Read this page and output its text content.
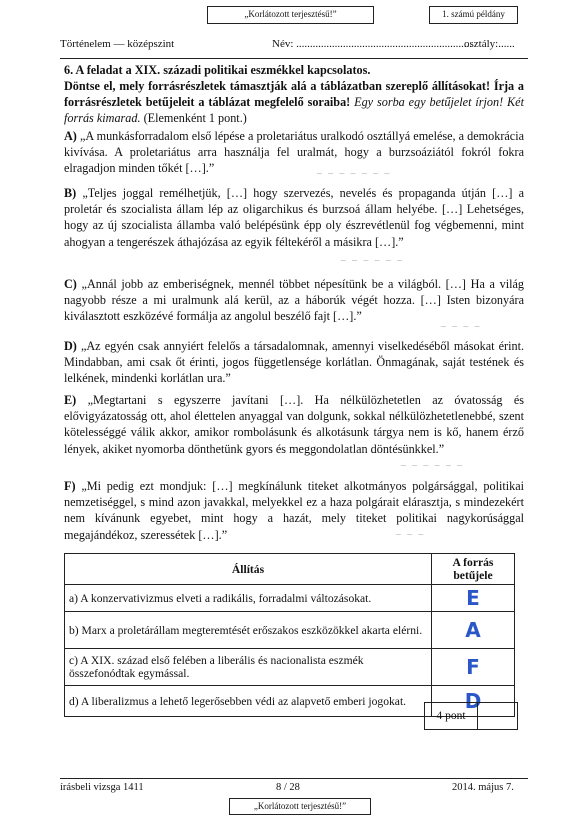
„Korlátozott terjesztésű!”	1. számú példány
Történelem — középszint	Név: ................................................................
osztály:......
6. A feladat a XIX. századi politikai eszmékkel kapcsolatos.
Döntse el, mely forrásrészletek támasztják alá a táblázatban szereplő állításokat! Írja a forrásrészletek betűjeleit a táblázat megfelelő soraiba! Egy sorba egy betűjelet írjon! Két forrás kimarad. (Elemenként 1 pont.)
A) „A munkásforradalom első lépése a proletariátus uralkodó osztállyá emelése, a demokrácia kivívása. A proletariátus arra használja fel uralmát, hogy a burzsoáziától fokról fokra elragadjon minden tőkét […].”	~ ~ ~ ~ ~ ~ ~
B) „Teljes joggal remélhetjük, […] hogy szervezés, nevelés és propaganda útján […] a proletár és szocialista állam lép az oligarchikus és burzsoá állam helyébe. […] Lehetséges, hogy az új szocialista államba való belépésünk épp oly észrevétlenül fog végbemenni, mint ahogyan a tengerészek áthajózása az egyik féltekéről a másikra […].”
~ ~ ~ ~ ~ ~
C) „Annál jobb az emberiségnek, mennél többet népesítünk be a világból. […] Ha a világ nagyobb része a mi uralmunk alá kerül, az a háborúk végét hozza. […] Isten bizonyára kiválasztott eszközévé formálja az angolul beszélő fajt […].”
~ ~ ~ ~
D) „Az egyén csak annyiért felelős a társadalomnak, amennyi viselkedéséből másokat érint. Mindabban, ami csak őt érinti, jogos függetlensége korlátlan. Önmagának, saját testének és lelkének, mindenki korlátlan ura.”
E) „Megtartani s egyszerre javítani […]. Ha nélkülözhetetlen az óvatosság és elővigyázatosság ott, ahol élettelen anyaggal van dolgunk, sokkal nélkülözhetetlenebbé, szent kötelességgé válik akkor, amikor rombolásunk és alkotásunk tárgya nem is kő, hanem érző lények, akiket nyomorba dönthetünk gyors és meggondolatlan döntésünkkel.”
~ ~ ~ ~ ~ ~
F) „Mi pedig ezt mondjuk: […] megkínálunk titeket alkotmányos polgársággal, politikai nemzetiséggel, s mind azon javakkal, melyekkel ez a haza polgárait elárasztja, s mindezekért nem kívánunk egyebet, mint hogy a hazát, mely titeket politikai nagykorúsággal megajándékoz, szeressétek […].”	~ ~ ~
Állítás	A forrás betűjele
a) A konzervativizmus elveti a radikális, forradalmi változásokat.	E
b) Marx a proletárállam megteremtését erőszakos eszközökkel akarta elérni.	A
c) A XIX. század első felében a liberális és nacionalista eszmék összefonódtak egymással.	F
d) A liberalizmus a lehető legerősebben védi az alapvető emberi jogokat.	D
4 pont
írásbeli vizsga 1411	8 / 28	2014. május 7.
„Korlátozott terjesztésű!”
